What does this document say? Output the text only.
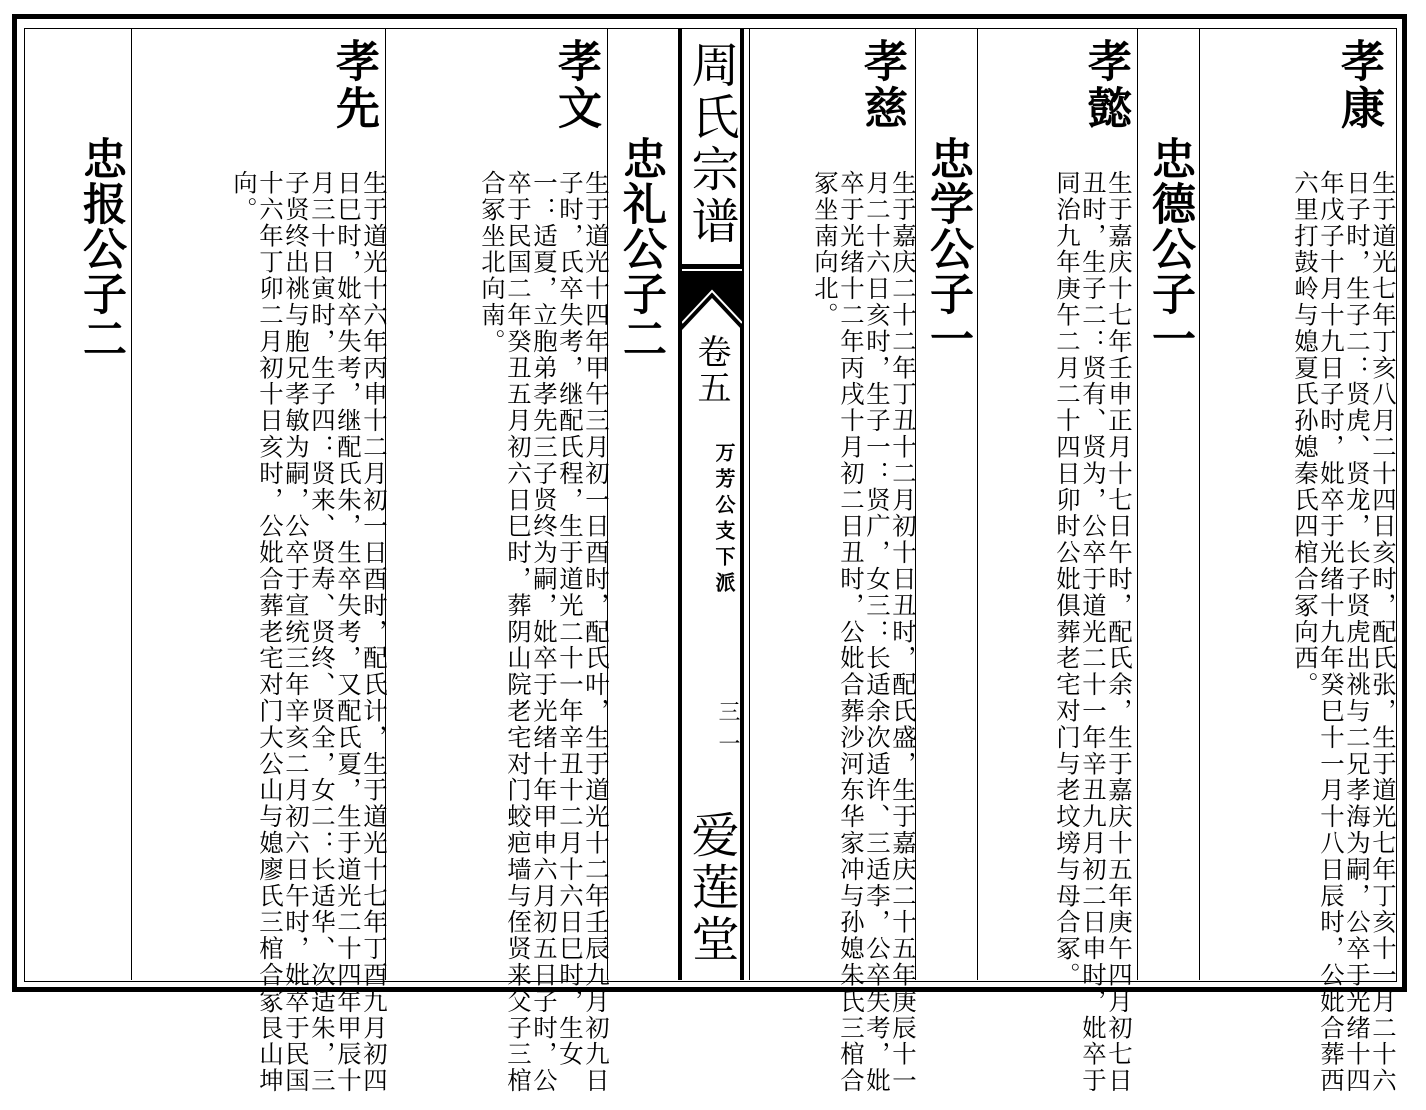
周氏宗谱
卷五
万芳公支下派
三一
爱莲堂
孝康
忠德公子一	生于道光七年丁亥八月二十四日亥时，配氏张，生于道光七年丁亥十一月二十六日子时，生子二：贤虎、贤龙，长子贤虎出祧与二兄孝海为嗣，公卒于光绪十四年戊子十月十九日子时，妣卒于光绪十九年癸巳十一月十八日辰时，公妣合葬西六里打鼓岭与媳夏氏孙媳秦氏四棺合冢向西。
孝懿
忠学公子一	生于嘉庆十七年壬申正月十七日午时，配氏余，生于嘉庆十五年庚午四月初七日丑时，生子二：贤有、贤为，公卒于道光二十一年辛丑九月初二日申时，妣卒于同治九年庚午二月二十四日卯时公妣俱葬老宅对门与老坟塝与母合冢。
孝慈
生于嘉庆二十二年丁丑十二月初十日丑时，配氏盛，生于嘉庆二十五年庚辰十一月二十六日亥时，生子一：贤广，女三：长适余次适许、三适李，公卒失考，妣卒于光绪十二年丙戌十月初二日丑时，公妣合葬沙河东华家冲与孙媳朱氏三棺合冢坐南向北。
孝文
忠礼公子二
生于道光十四年甲午三月初一日酉时，配氏叶，生于道光十二年壬辰九月初九日子时，氏卒失考，继配氏程，生于道光二十一年辛丑十二月十六日巳时，生女一：适夏，立胞弟孝先三子贤终为嗣，妣卒于光绪十年甲申六月初五日子时，公卒于民国二年癸丑五月初六日巳时，葬阴山院老宅对门蛟疤墙与侄贤来父子三棺合冢坐北向南。
孝先
忠报公子二	生于道光十六年丙申十二月初一日酉时，配氏计，生于道光十七年丁酉九月初四日巳时，妣卒失考，继配氏朱，生卒失考，又配氏夏，生于道光二十四年甲辰十月三十日寅时，生子四：贤来、贤寿、贤终、贤全，女二：长适华、次适朱，三子贤终出祧与胞兄孝敏为嗣，公卒于宣统三年辛亥二月初六日午时，妣卒于民国十六年丁卯二月初十日亥时，公妣合葬老宅对门大公山与媳廖氏三棺合冢艮山坤向。
